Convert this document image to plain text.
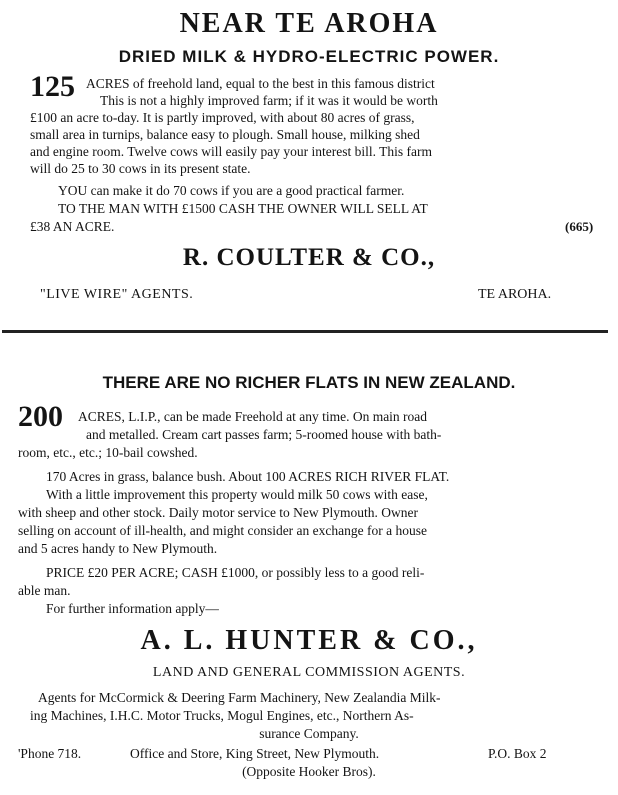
NEAR TE AROHA
DRIED MILK & HYDRO-ELECTRIC POWER.
125 ACRES of freehold land, equal to the best in this famous district
This is not a highly improved farm; if it was it would be worth
£100 an acre to-day. It is partly improved, with about 80 acres of grass,
small area in turnips, balance easy to plough. Small house, milking shed
and engine room. Twelve cows will easily pay your interest bill. This farm
will do 25 to 30 cows in its present state.
YOU can make it do 70 cows if you are a good practical farmer.
TO THE MAN WITH £1500 CASH THE OWNER WILL SELL AT
£38 AN ACRE.	(665)
R. COULTER & CO.,
"LIVE WIRE" AGENTS.	TE AROHA.
THERE ARE NO RICHER FLATS IN NEW ZEALAND.
200 ACRES, L.I.P., can be made Freehold at any time. On main road
and metalled. Cream cart passes farm; 5-roomed house with bath-
room, etc., etc.; 10-bail cowshed.
170 Acres in grass, balance bush. About 100 ACRES RICH RIVER FLAT.
With a little improvement this property would milk 50 cows with ease,
with sheep and other stock. Daily motor service to New Plymouth. Owner
selling on account of ill-health, and might consider an exchange for a house
and 5 acres handy to New Plymouth.
PRICE £20 PER ACRE; CASH £1000, or possibly less to a good reli-
able man.
For further information apply—
A. L. HUNTER & CO.,
LAND AND GENERAL COMMISSION AGENTS.
Agents for McCormick & Deering Farm Machinery, New Zealandia Milk-
ing Machines, I.H.C. Motor Trucks, Mogul Engines, etc., Northern As-
surance Company.
'Phone 718.	Office and Store, King Street, New Plymouth.	P.O. Box 2
(Opposite Hooker Bros).
